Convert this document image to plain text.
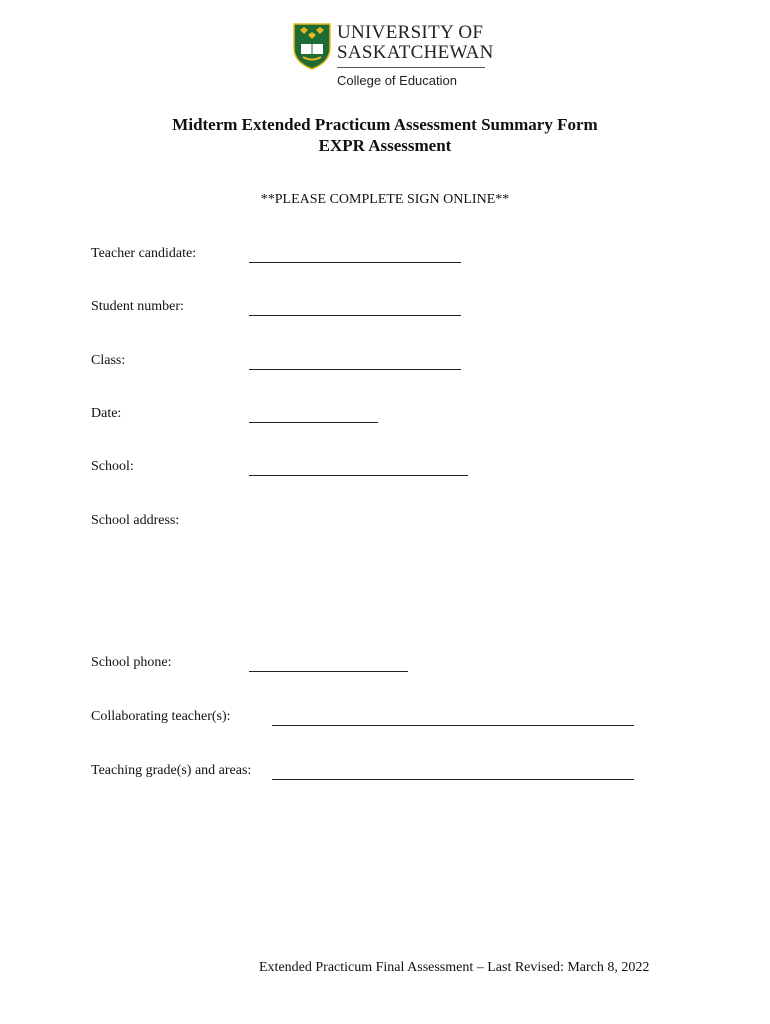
UNIVERSITY OF
SASKATCHEWAN
College of Education
Midterm Extended Practicum Assessment Summary Form
EXPR Assessment
**PLEASE COMPLETE SIGN ONLINE**
Teacher candidate:
Student number:
Class:
Date:
School:
School address:
School phone:
Collaborating teacher(s):
Teaching grade(s) and areas:
Extended Practicum Final Assessment – Last Revised: March 8, 2022
